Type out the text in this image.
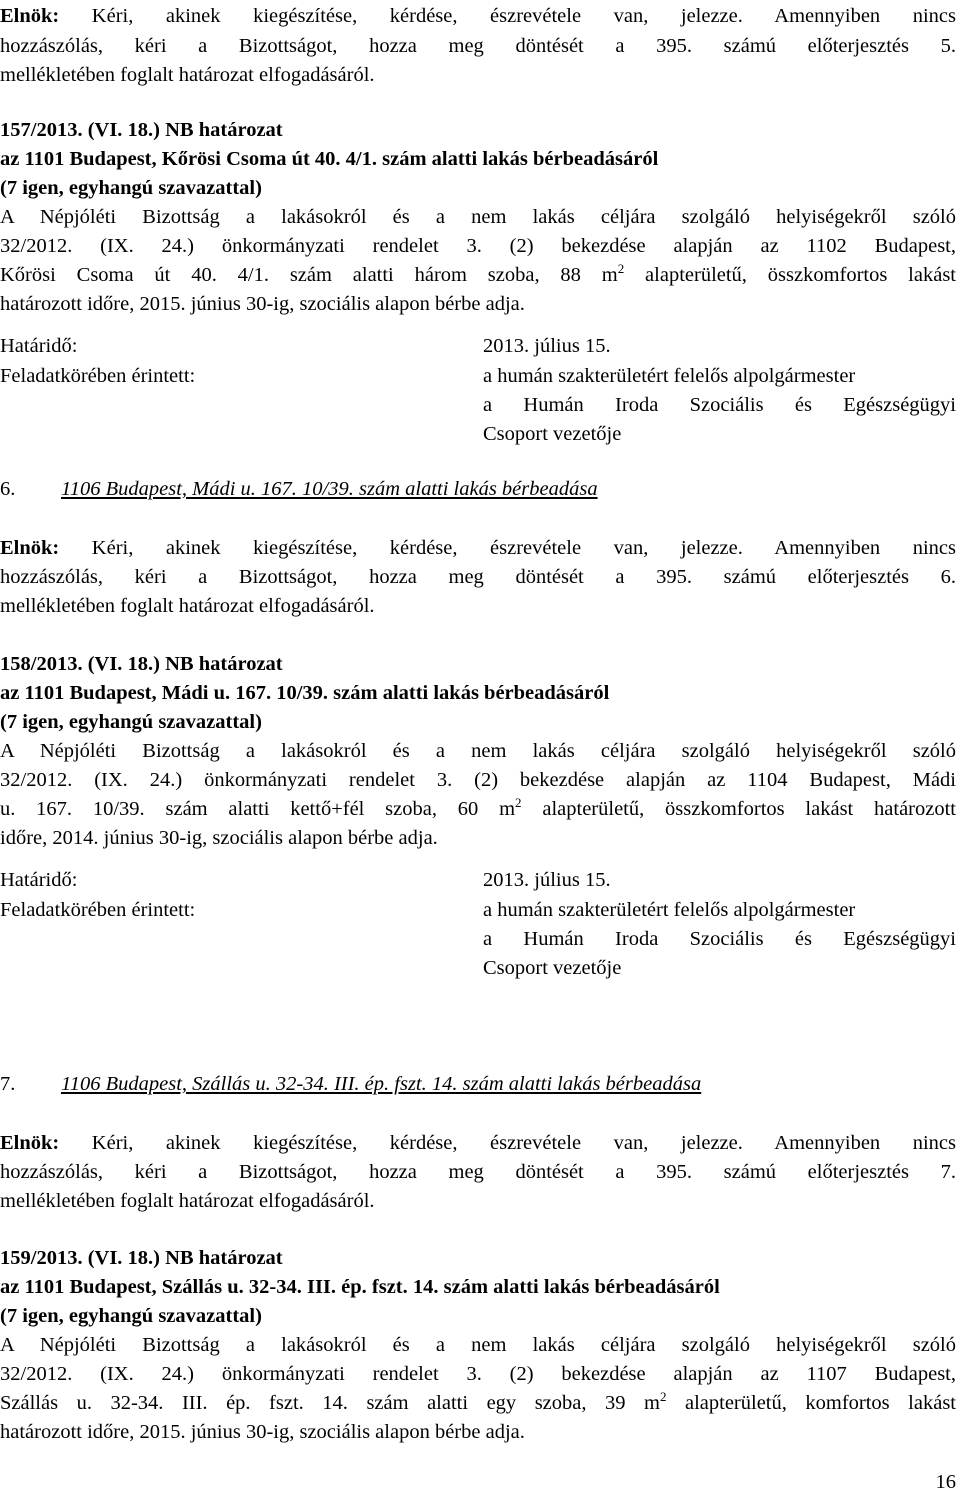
Elnök: Kéri, akinek kiegészítése, kérdése, észrevétele van, jelezze. Amennyiben nincs
hozzászólás, kéri a Bizottságot, hozza meg döntését a 395. számú előterjesztés 5.
mellékletében foglalt határozat elfogadásáról.
157/2013. (VI. 18.) NB határozat
az 1101 Budapest, Kőrösi Csoma út 40. 4/1. szám alatti lakás bérbeadásáról
(7 igen, egyhangú szavazattal)
A Népjóléti Bizottság a lakásokról és a nem lakás céljára szolgáló helyiségekről szóló
32/2012. (IX. 24.) önkormányzati rendelet 3. (2) bekezdése alapján az 1102 Budapest,
Kőrösi Csoma út 40. 4/1. szám alatti három szoba, 88 $m^2$ alapterületű, összkomfortos lakást
határozott időre, 2015. június 30-ig, szociális alapon bérbe adja.
Határidő:	2013. július 15.
Feladatkörében érintett:	a humán szakterületért felelős alpolgármester
a Humán Iroda Szociális és Egészségügyi
Csoport vezetője
6. 1106 Budapest, Mádi u. 167. 10/39. szám alatti lakás bérbeadása
Elnök: Kéri, akinek kiegészítése, kérdése, észrevétele van, jelezze. Amennyiben nincs
hozzászólás, kéri a Bizottságot, hozza meg döntését a 395. számú előterjesztés 6.
mellékletében foglalt határozat elfogadásáról.
158/2013. (VI. 18.) NB határozat
az 1101 Budapest, Mádi u. 167. 10/39. szám alatti lakás bérbeadásáról
(7 igen, egyhangú szavazattal)
A Népjóléti Bizottság a lakásokról és a nem lakás céljára szolgáló helyiségekről szóló
32/2012. (IX. 24.) önkormányzati rendelet 3. (2) bekezdése alapján az 1104 Budapest, Mádi
u. 167. 10/39. szám alatti kettő+fél szoba, 60 $m^2$ alapterületű, összkomfortos lakást határozott
időre, 2014. június 30-ig, szociális alapon bérbe adja.
Határidő:	2013. július 15.
Feladatkörében érintett:	a humán szakterületért felelős alpolgármester
a Humán Iroda Szociális és Egészségügyi
Csoport vezetője
7. 1106 Budapest, Szállás u. 32-34. III. ép. fszt. 14. szám alatti lakás bérbeadása
Elnök: Kéri, akinek kiegészítése, kérdése, észrevétele van, jelezze. Amennyiben nincs
hozzászólás, kéri a Bizottságot, hozza meg döntését a 395. számú előterjesztés 7.
mellékletében foglalt határozat elfogadásáról.
159/2013. (VI. 18.) NB határozat
az 1101 Budapest, Szállás u. 32-34. III. ép. fszt. 14. szám alatti lakás bérbeadásáról
(7 igen, egyhangú szavazattal)
A Népjóléti Bizottság a lakásokról és a nem lakás céljára szolgáló helyiségekről szóló
32/2012. (IX. 24.) önkormányzati rendelet 3. (2) bekezdése alapján az 1107 Budapest,
Szállás u. 32-34. III. ép. fszt. 14. szám alatti egy szoba, 39 $m^2$ alapterületű, komfortos lakást
határozott időre, 2015. június 30-ig, szociális alapon bérbe adja.
16
